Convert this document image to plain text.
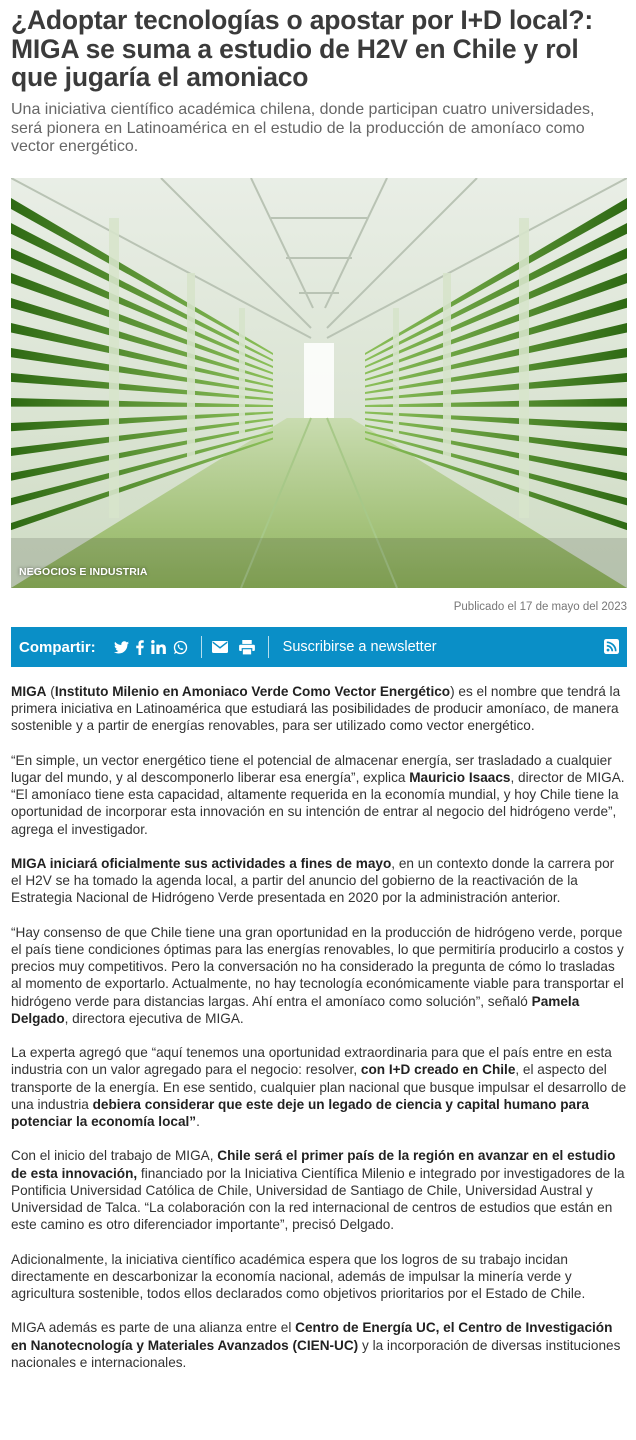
¿Adoptar tecnologías o apostar por I+D local?: MIGA se suma a estudio de H2V en Chile y rol que jugaría el amoniaco

Una iniciativa científico académica chilena, donde participan cuatro universidades, será pionera en Latinoamérica en el estudio de la producción de amoníaco como vector energético.

NEGOCIOS E INDUSTRIA
Publicado el 17 de mayo del 2023
Compartir:	Suscribirse a newsletter

MIGA (Instituto Milenio en Amoniaco Verde Como Vector Energético) es el nombre que tendrá la primera iniciativa en Latinoamérica que estudiará las posibilidades de producir amoníaco, de manera sostenible y a partir de energías renovables, para ser utilizado como vector energético.

“En simple, un vector energético tiene el potencial de almacenar energía, ser trasladado a cualquier lugar del mundo, y al descomponerlo liberar esa energía”, explica Mauricio Isaacs, director de MIGA. “El amoníaco tiene esta capacidad, altamente requerida en la economía mundial, y hoy Chile tiene la oportunidad de incorporar esta innovación en su intención de entrar al negocio del hidrógeno verde”, agrega el investigador.

MIGA iniciará oficialmente sus actividades a fines de mayo, en un contexto donde la carrera por el H2V se ha tomado la agenda local, a partir del anuncio del gobierno de la reactivación de la Estrategia Nacional de Hidrógeno Verde presentada en 2020 por la administración anterior.

“Hay consenso de que Chile tiene una gran oportunidad en la producción de hidrógeno verde, porque el país tiene condiciones óptimas para las energías renovables, lo que permitiría producirlo a costos y precios muy competitivos. Pero la conversación no ha considerado la pregunta de cómo lo trasladas al momento de exportarlo. Actualmente, no hay tecnología económicamente viable para transportar el hidrógeno verde para distancias largas. Ahí entra el amoníaco como solución”, señaló Pamela Delgado, directora ejecutiva de MIGA.

La experta agregó que “aquí tenemos una oportunidad extraordinaria para que el país entre en esta industria con un valor agregado para el negocio: resolver, con I+D creado en Chile, el aspecto del transporte de la energía. En ese sentido, cualquier plan nacional que busque impulsar el desarrollo de una industria debiera considerar que este deje un legado de ciencia y capital humano para potenciar la economía local”.

Con el inicio del trabajo de MIGA, Chile será el primer país de la región en avanzar en el estudio de esta innovación, financiado por la Iniciativa Científica Milenio e integrado por investigadores de la Pontificia Universidad Católica de Chile, Universidad de Santiago de Chile, Universidad Austral y Universidad de Talca. “La colaboración con la red internacional de centros de estudios que están en este camino es otro diferenciador importante”, precisó Delgado.

Adicionalmente, la iniciativa científico académica espera que los logros de su trabajo incidan directamente en descarbonizar la economía nacional, además de impulsar la minería verde y agricultura sostenible, todos ellos declarados como objetivos prioritarios por el Estado de Chile.

MIGA además es parte de una alianza entre el Centro de Energía UC, el Centro de Investigación en Nanotecnología y Materiales Avanzados (CIEN-UC) y la incorporación de diversas instituciones nacionales e internacionales.
